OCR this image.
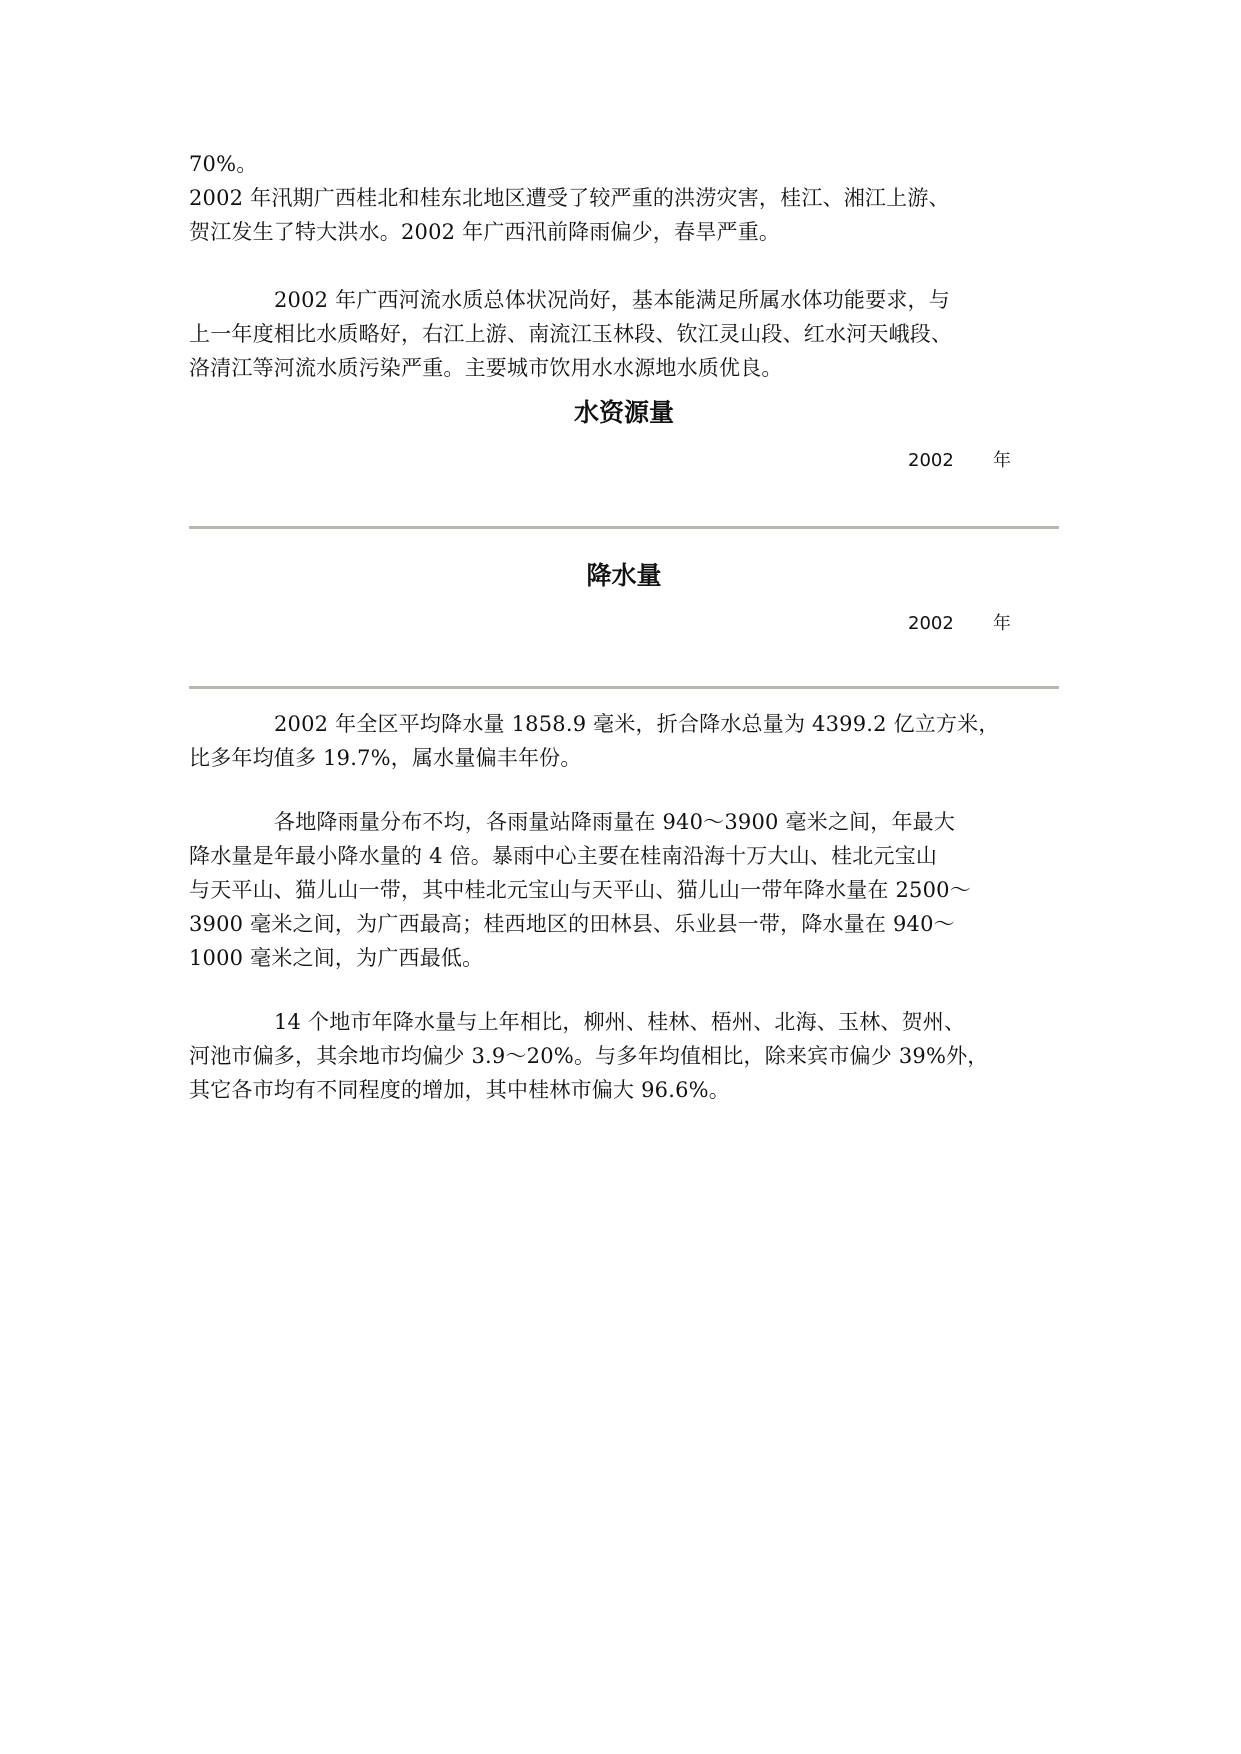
70%。
2002 年汛期广西桂北和桂东北地区遭受了较严重的洪涝灾害，桂江、湘江上游、
贺江发生了特大洪水。2002 年广西汛前降雨偏少，春旱严重。
2002 年广西河流水质总体状况尚好，基本能满足所属水体功能要求，与
上一年度相比水质略好，右江上游、南流江玉林段、钦江灵山段、红水河天峨段、
洛清江等河流水质污染严重。主要城市饮用水水源地水质优良。
水资源量
2002 年
降水量
2002 年
2002 年全区平均降水量 1858.9 毫米，折合降水总量为 4399.2 亿立方米，
比多年均值多 19.7%，属水量偏丰年份。
各地降雨量分布不均，各雨量站降雨量在 940～3900 毫米之间，年最大
降水量是年最小降水量的 4 倍。暴雨中心主要在桂南沿海十万大山、桂北元宝山
与天平山、猫儿山一带，其中桂北元宝山与天平山、猫儿山一带年降水量在 2500～
3900 毫米之间，为广西最高；桂西地区的田林县、乐业县一带，降水量在 940～
1000 毫米之间，为广西最低。
14 个地市年降水量与上年相比，柳州、桂林、梧州、北海、玉林、贺州、
河池市偏多，其余地市均偏少 3.9～20%。与多年均值相比，除来宾市偏少 39%外，
其它各市均有不同程度的增加，其中桂林市偏大 96.6%。
